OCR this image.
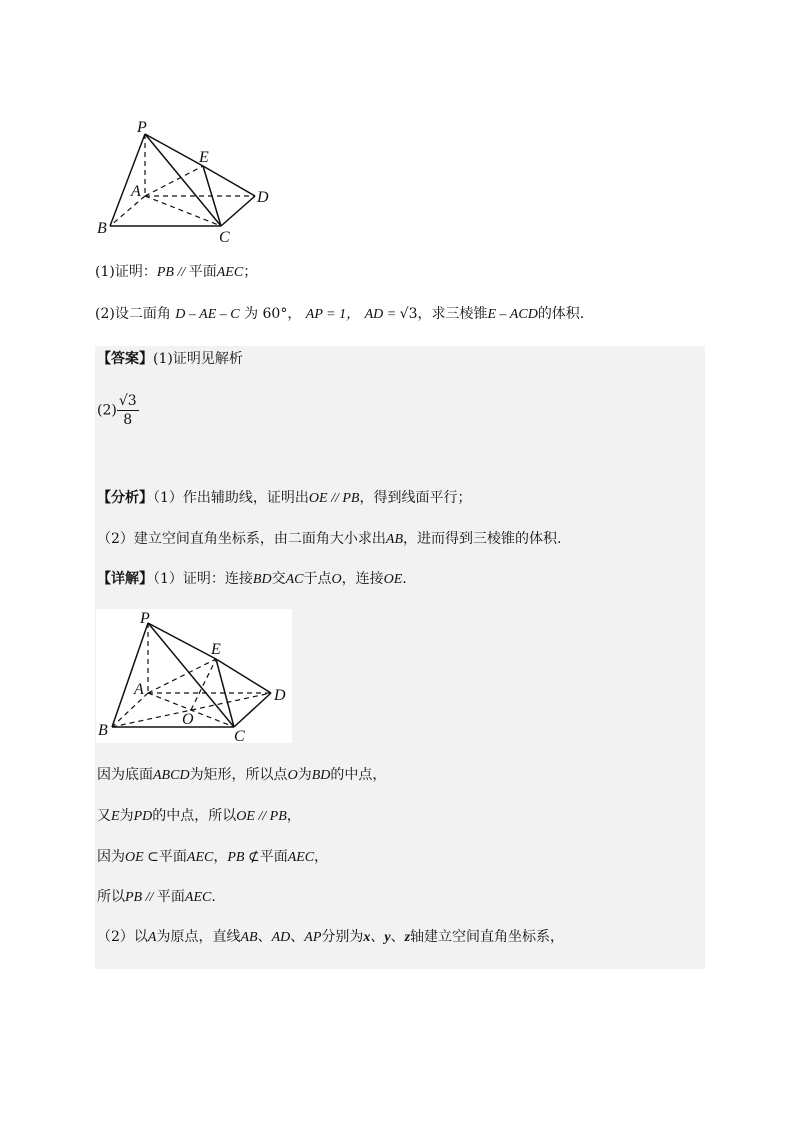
P
E
A	D
B
C
(1)证明：PB // 平面AEC；
(2)设二面角 D – AE – C 为 60°， AP = 1， AD = √3，求三棱锥E – ACD的体积.
【答案】(1)证明见解析
$(2) \frac{√3}{8}$
【分析】（1）作出辅助线，证明出OE // PB，得到线面平行；
（2）建立空间直角坐标系，由二面角大小求出AB，进而得到三棱锥的体积.
【详解】（1）证明：连接BD交AC于点O，连接OE.
P
E
A	D
O
B	C
因为底面ABCD为矩形，所以点O为BD的中点，
又E为PD的中点，所以OE // PB，
因为OE ⊂平面AEC，PB ⊄平面AEC，
所以PB // 平面AEC.
（2）以A为原点，直线AB、AD、AP分别为x、y、z轴建立空间直角坐标系，
